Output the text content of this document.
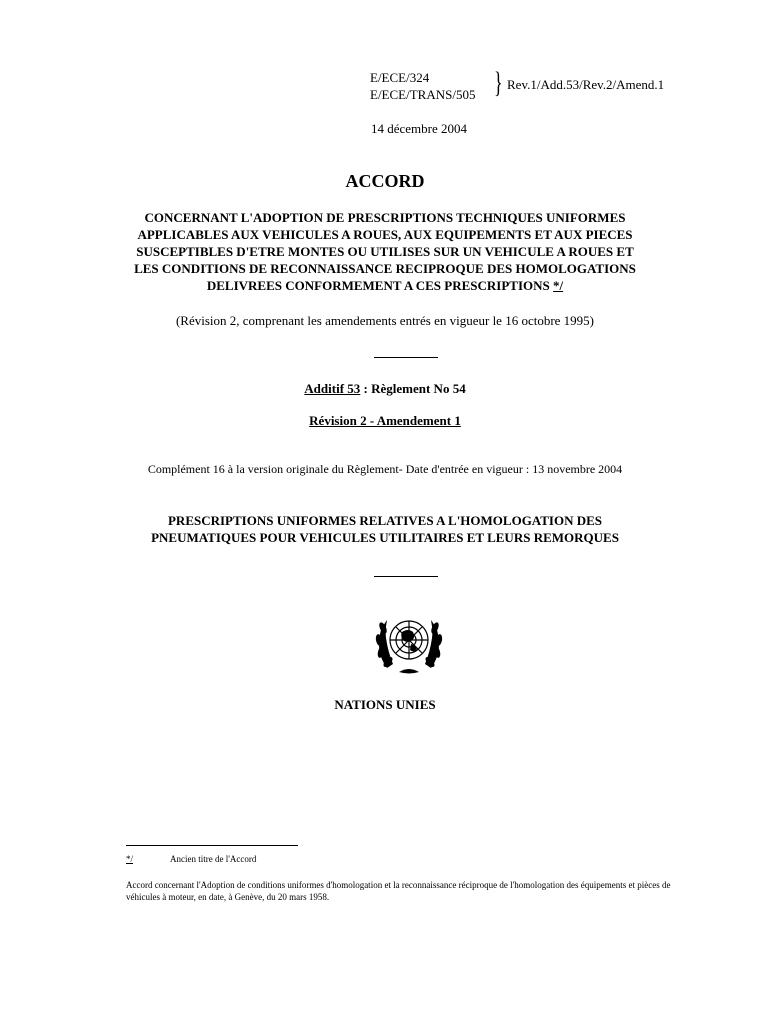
E/ECE/324
E/ECE/TRANS/505 } Rev.1/Add.53/Rev.2/Amend.1
14 décembre 2004
ACCORD
CONCERNANT L'ADOPTION DE PRESCRIPTIONS TECHNIQUES UNIFORMES
APPLICABLES AUX VEHICULES A ROUES, AUX EQUIPEMENTS ET AUX PIECES
SUSCEPTIBLES D'ETRE MONTES OU UTILISES SUR UN VEHICULE A ROUES ET
LES CONDITIONS DE RECONNAISSANCE RECIPROQUE DES HOMOLOGATIONS
DELIVREES CONFORMEMENT A CES PRESCRIPTIONS */
(Révision 2, comprenant les amendements entrés en vigueur le 16 octobre 1995)
Additif 53 : Règlement No 54
Révision 2 - Amendement 1
Complément 16 à la version originale du Règlement- Date d'entrée en vigueur : 13 novembre 2004
PRESCRIPTIONS UNIFORMES RELATIVES A L'HOMOLOGATION DES
PNEUMATIQUES POUR VEHICULES UTILITAIRES ET LEURS REMORQUES
NATIONS UNIES
*/	Ancien titre de l'Accord
Accord concernant l'Adoption de conditions uniformes d'homologation et la reconnaissance réciproque de l'homologation des équipements et pièces de véhicules à moteur, en date, à Genève, du 20 mars 1958.
